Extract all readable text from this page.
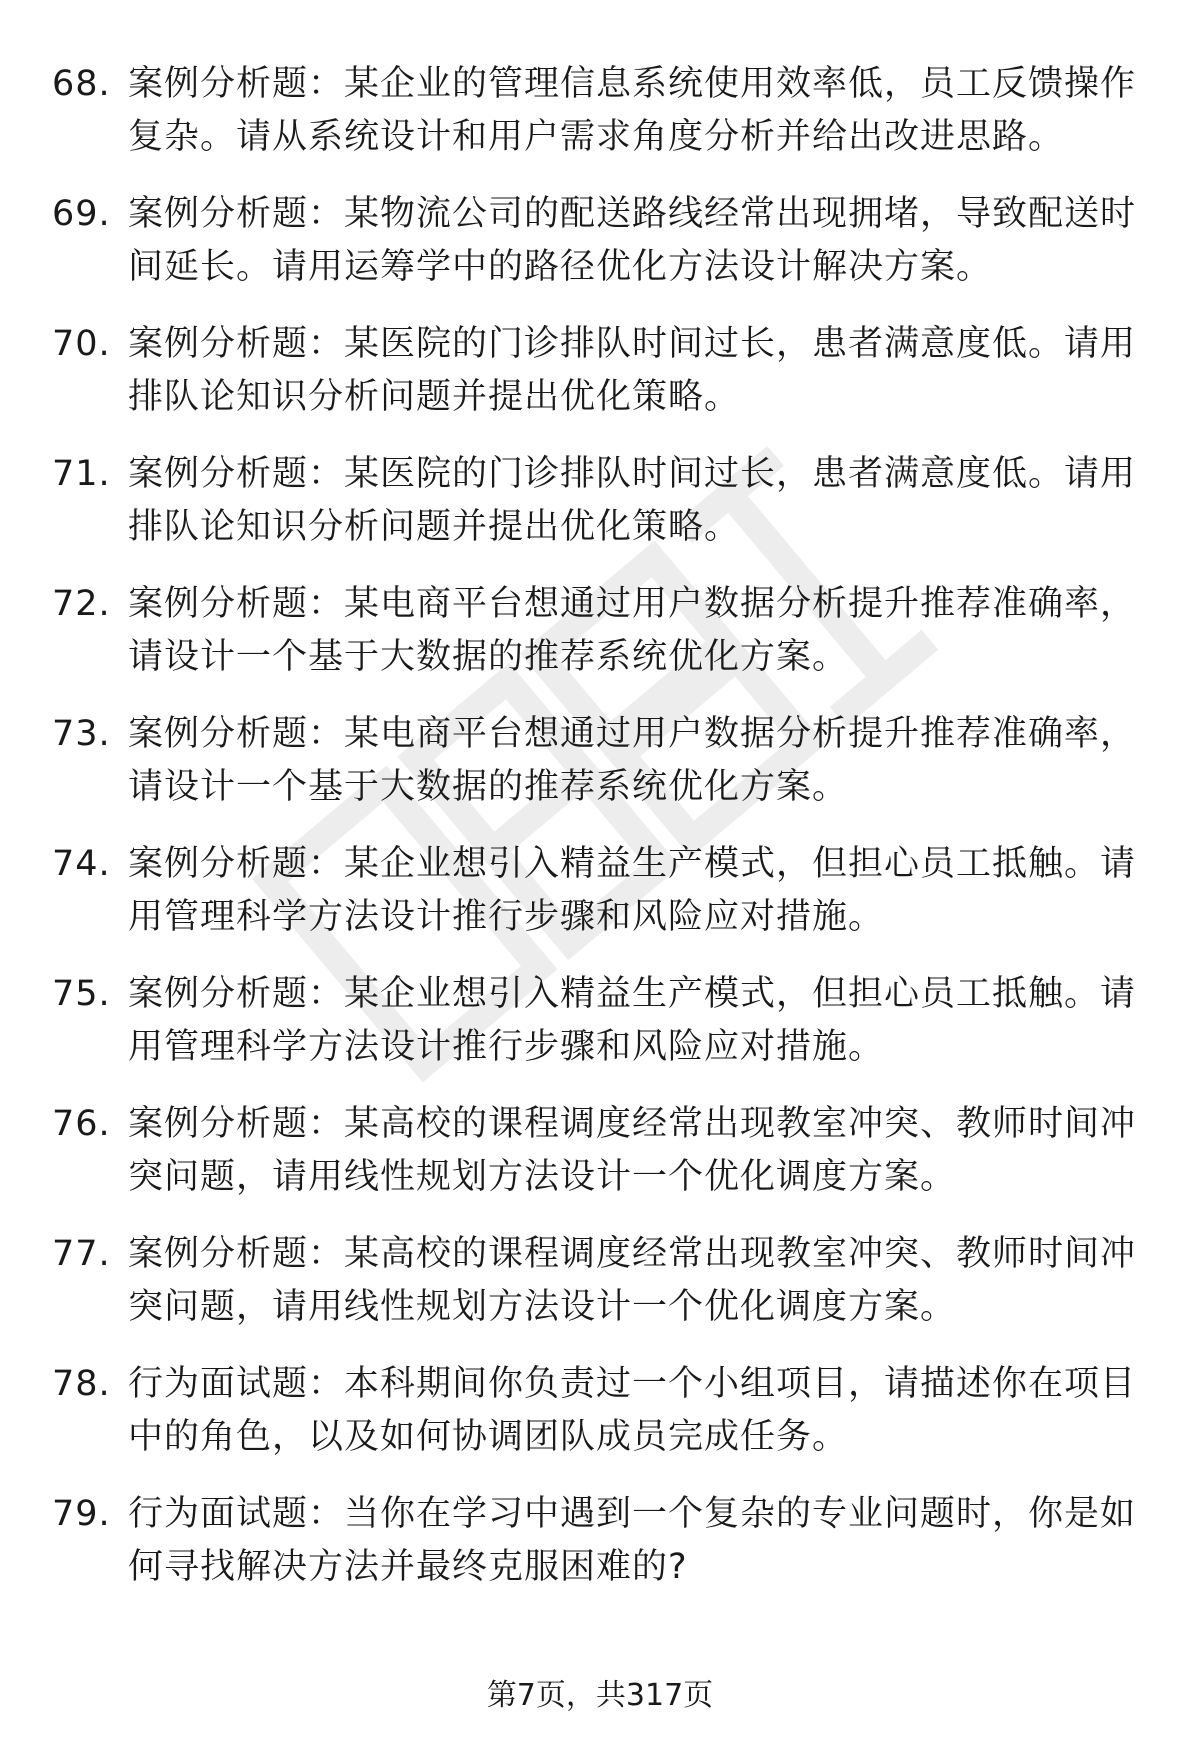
68. 案例分析题：某企业的管理信息系统使用效率低，员工反馈操作复杂。请从系统设计和用户需求角度分析并给出改进思路。
69. 案例分析题：某物流公司的配送路线经常出现拥堵，导致配送时间延长。请用运筹学中的路径优化方法设计解决方案。
70. 案例分析题：某医院的门诊排队时间过长，患者满意度低。请用排队论知识分析问题并提出优化策略。
71. 案例分析题：某医院的门诊排队时间过长，患者满意度低。请用排队论知识分析问题并提出优化策略。
72. 案例分析题：某电商平台想通过用户数据分析提升推荐准确率，请设计一个基于大数据的推荐系统优化方案。
73. 案例分析题：某电商平台想通过用户数据分析提升推荐准确率，请设计一个基于大数据的推荐系统优化方案。
74. 案例分析题：某企业想引入精益生产模式，但担心员工抵触。请用管理科学方法设计推行步骤和风险应对措施。
75. 案例分析题：某企业想引入精益生产模式，但担心员工抵触。请用管理科学方法设计推行步骤和风险应对措施。
76. 案例分析题：某高校的课程调度经常出现教室冲突、教师时间冲突问题，请用线性规划方法设计一个优化调度方案。
77. 案例分析题：某高校的课程调度经常出现教室冲突、教师时间冲突问题，请用线性规划方法设计一个优化调度方案。
78. 行为面试题：本科期间你负责过一个小组项目，请描述你在项目中的角色，以及如何协调团队成员完成任务。
79. 行为面试题：当你在学习中遇到一个复杂的专业问题时，你是如何寻找解决方法并最终克服困难的?
第7页，共317页
